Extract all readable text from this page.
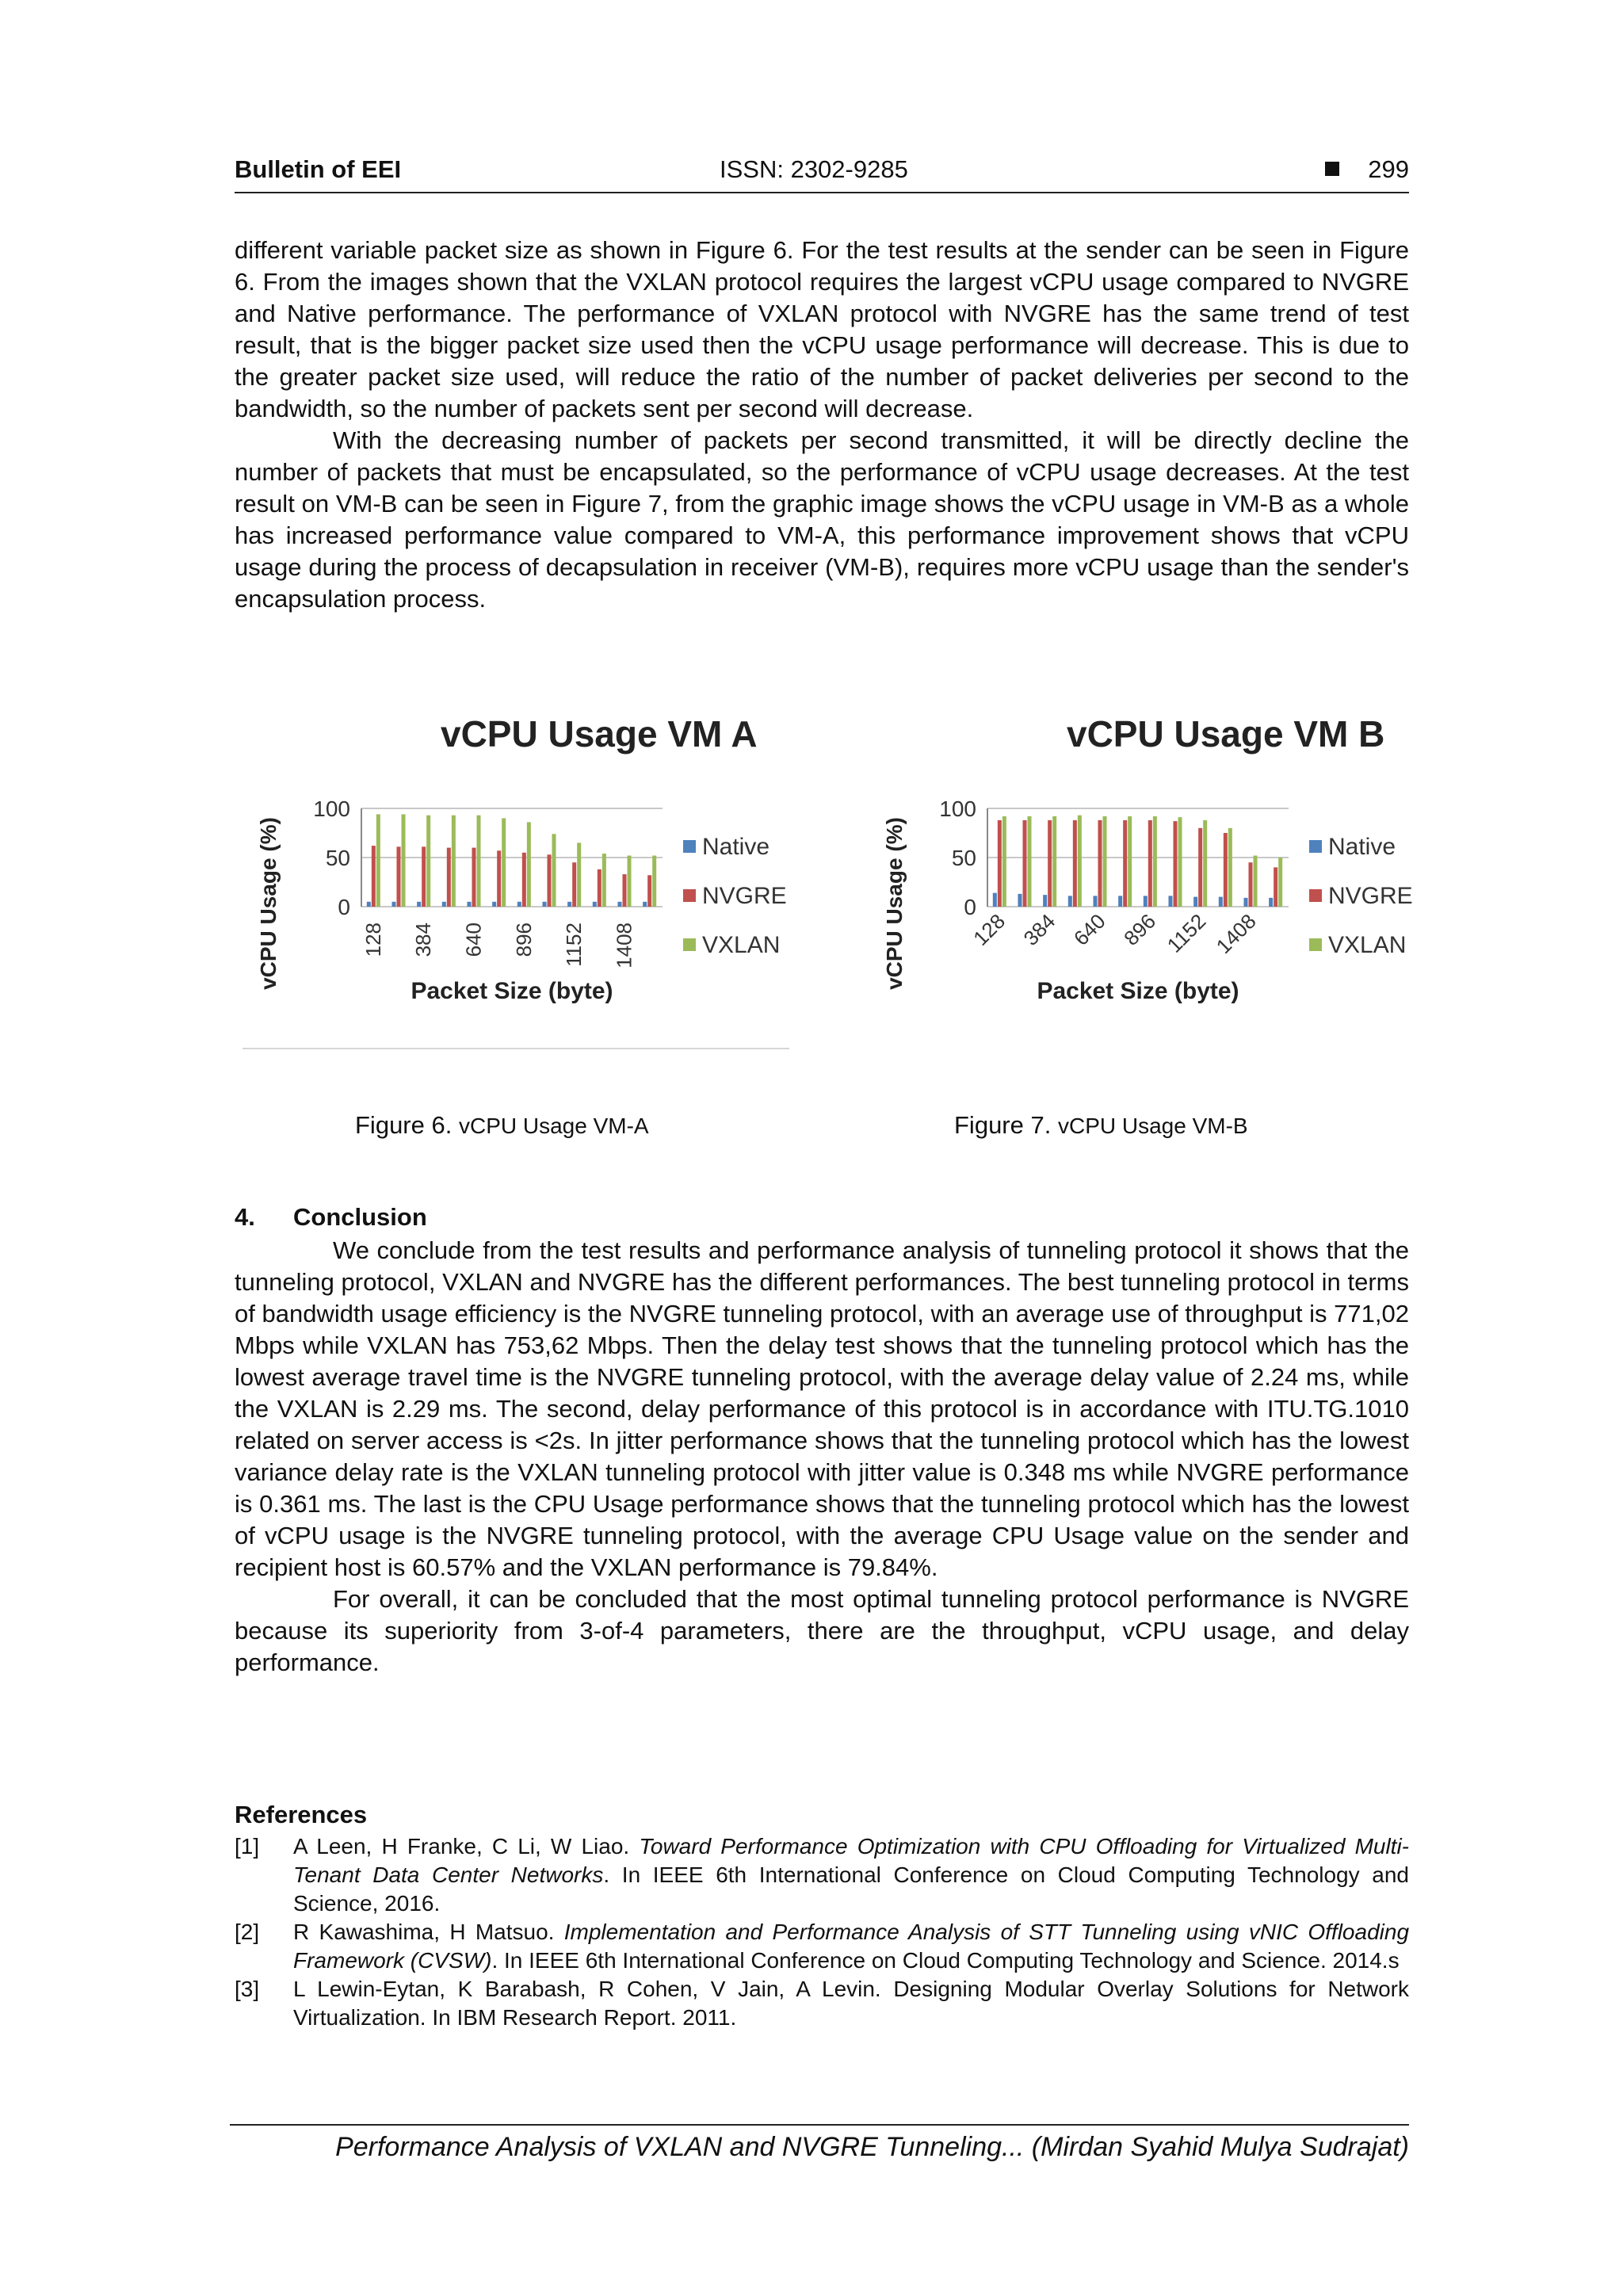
Bulletin of EEI	ISSN: 2302-9285	299

different variable packet size as shown in Figure 6. For the test results at the sender can be seen in Figure 6. From the images shown that the VXLAN protocol requires the largest vCPU usage compared to NVGRE and Native performance. The performance of VXLAN protocol with NVGRE has the same trend of test result, that is the bigger packet size used then the vCPU usage performance will decrease. This is due to the greater packet size used, will reduce the ratio of the number of packet deliveries per second to the bandwidth, so the number of packets sent per second will decrease.

With the decreasing number of packets per second transmitted, it will be directly decline the number of packets that must be encapsulated, so the performance of vCPU usage decreases. At the test result on VM-B can be seen in Figure 7, from the graphic image shows the vCPU usage in VM-B as a whole has increased performance value compared to VM-A, this performance improvement shows that vCPU usage during the process of decapsulation in receiver (VM-B), requires more vCPU usage than the sender's encapsulation process.

vCPU Usage VM A
0
50
100
128 384 640 896 1152 1408
Packet Size (byte)
vCPU Usage (%)	Native
NVGRE
VXLAN
vCPU Usage VM B
0
50
100
128 384 640 896 1152 1408
Packet Size (byte)
vCPU Usage (%)	Native
NVGRE
VXLAN
Figure 6. vCPU Usage VM-A	Figure 7. vCPU Usage VM-B
4. Conclusion

We conclude from the test results and performance analysis of tunneling protocol it shows that the tunneling protocol, VXLAN and NVGRE has the different performances. The best tunneling protocol in terms of bandwidth usage efficiency is the NVGRE tunneling protocol, with an average use of throughput is 771,02 Mbps while VXLAN has 753,62 Mbps. Then the delay test shows that the tunneling protocol which has the lowest average travel time is the NVGRE tunneling protocol, with the average delay value of 2.24 ms, while the VXLAN is 2.29 ms. The second, delay performance of this protocol is in accordance with ITU.TG.1010 related on server access is <2s. In jitter performance shows that the tunneling protocol which has the lowest variance delay rate is the VXLAN tunneling protocol with jitter value is 0.348 ms while NVGRE performance is 0.361 ms. The last is the CPU Usage performance shows that the tunneling protocol which has the lowest of vCPU usage is the NVGRE tunneling protocol, with the average CPU Usage value on the sender and recipient host is 60.57% and the VXLAN performance is 79.84%.

For overall, it can be concluded that the most optimal tunneling protocol performance is NVGRE because its superiority from 3-of-4 parameters, there are the throughput, vCPU usage, and delay performance.

References
[1] A Leen, H Franke, C Li, W Liao. Toward Performance Optimization with CPU Offloading for Virtualized Multi-Tenant Data Center Networks. In IEEE 6th International Conference on Cloud Computing Technology and Science, 2016.
[2] R Kawashima, H Matsuo. Implementation and Performance Analysis of STT Tunneling using vNIC Offloading Framework (CVSW). In IEEE 6th International Conference on Cloud Computing Technology and Science. 2014.s
[3] L Lewin-Eytan, K Barabash, R Cohen, V Jain, A Levin. Designing Modular Overlay Solutions for Network Virtualization. In IBM Research Report. 2011.
Performance Analysis of VXLAN and NVGRE Tunneling... (Mirdan Syahid Mulya Sudrajat)
